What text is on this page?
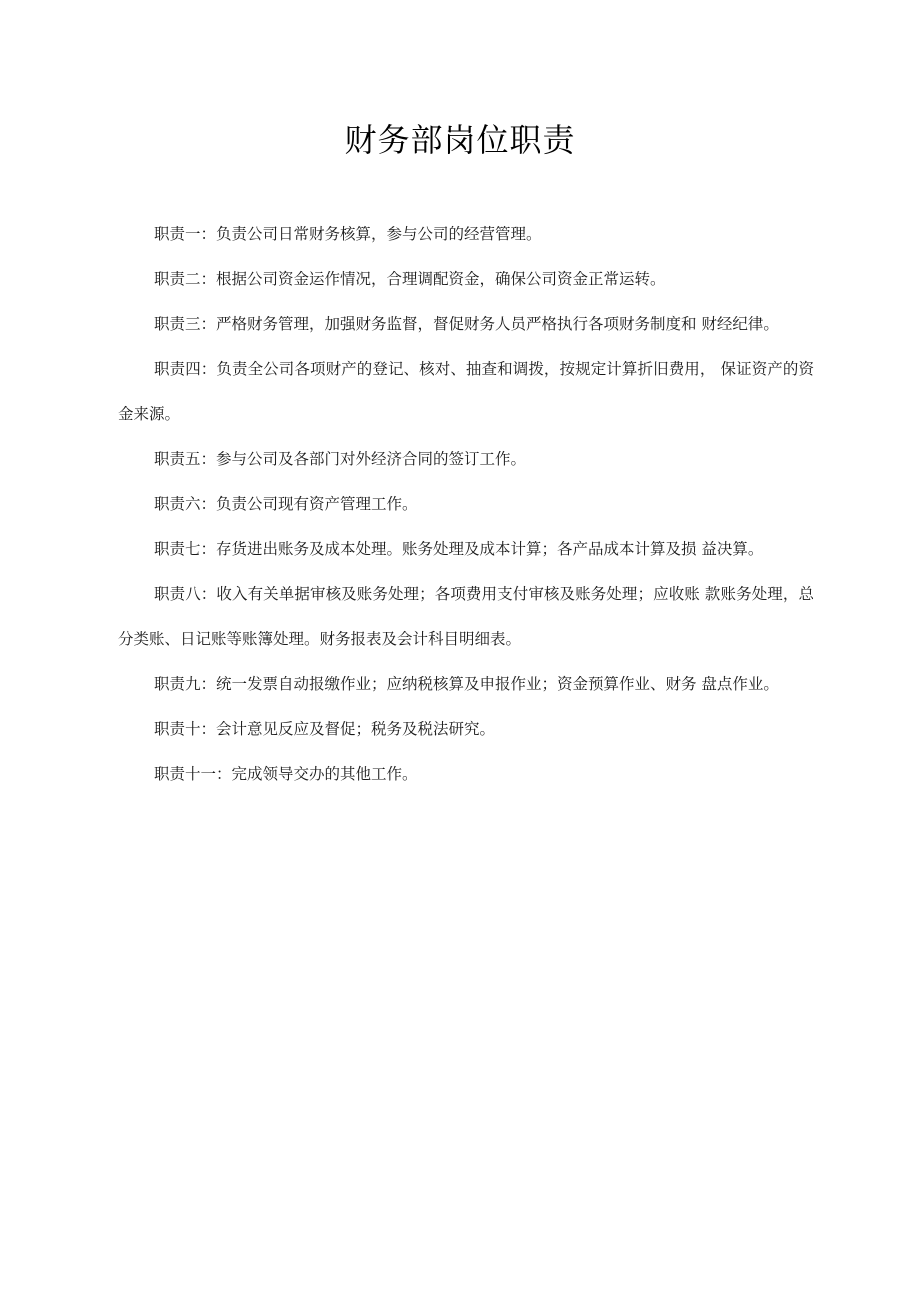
财务部岗位职责

职责一：负责公司日常财务核算，参与公司的经营管理。

职责二：根据公司资金运作情况，合理调配资金，确保公司资金正常运转。

职责三：严格财务管理，加强财务监督，督促财务人员严格执行各项财务制度和 财经纪律。

职责四：负责全公司各项财产的登记、核对、抽查和调拨，按规定计算折旧费用， 保证资产的资金来源。

职责五：参与公司及各部门对外经济合同的签订工作。

职责六：负责公司现有资产管理工作。

职责七：存货进出账务及成本处理。账务处理及成本计算；各产品成本计算及损 益决算。

职责八：收入有关单据审核及账务处理；各项费用支付审核及账务处理；应收账 款账务处理，总分类账、日记账等账簿处理。财务报表及会计科目明细表。

职责九：统一发票自动报缴作业；应纳税核算及申报作业；资金预算作业、财务 盘点作业。

职责十：会计意见反应及督促；税务及税法研究。

职责十一：完成领导交办的其他工作。
